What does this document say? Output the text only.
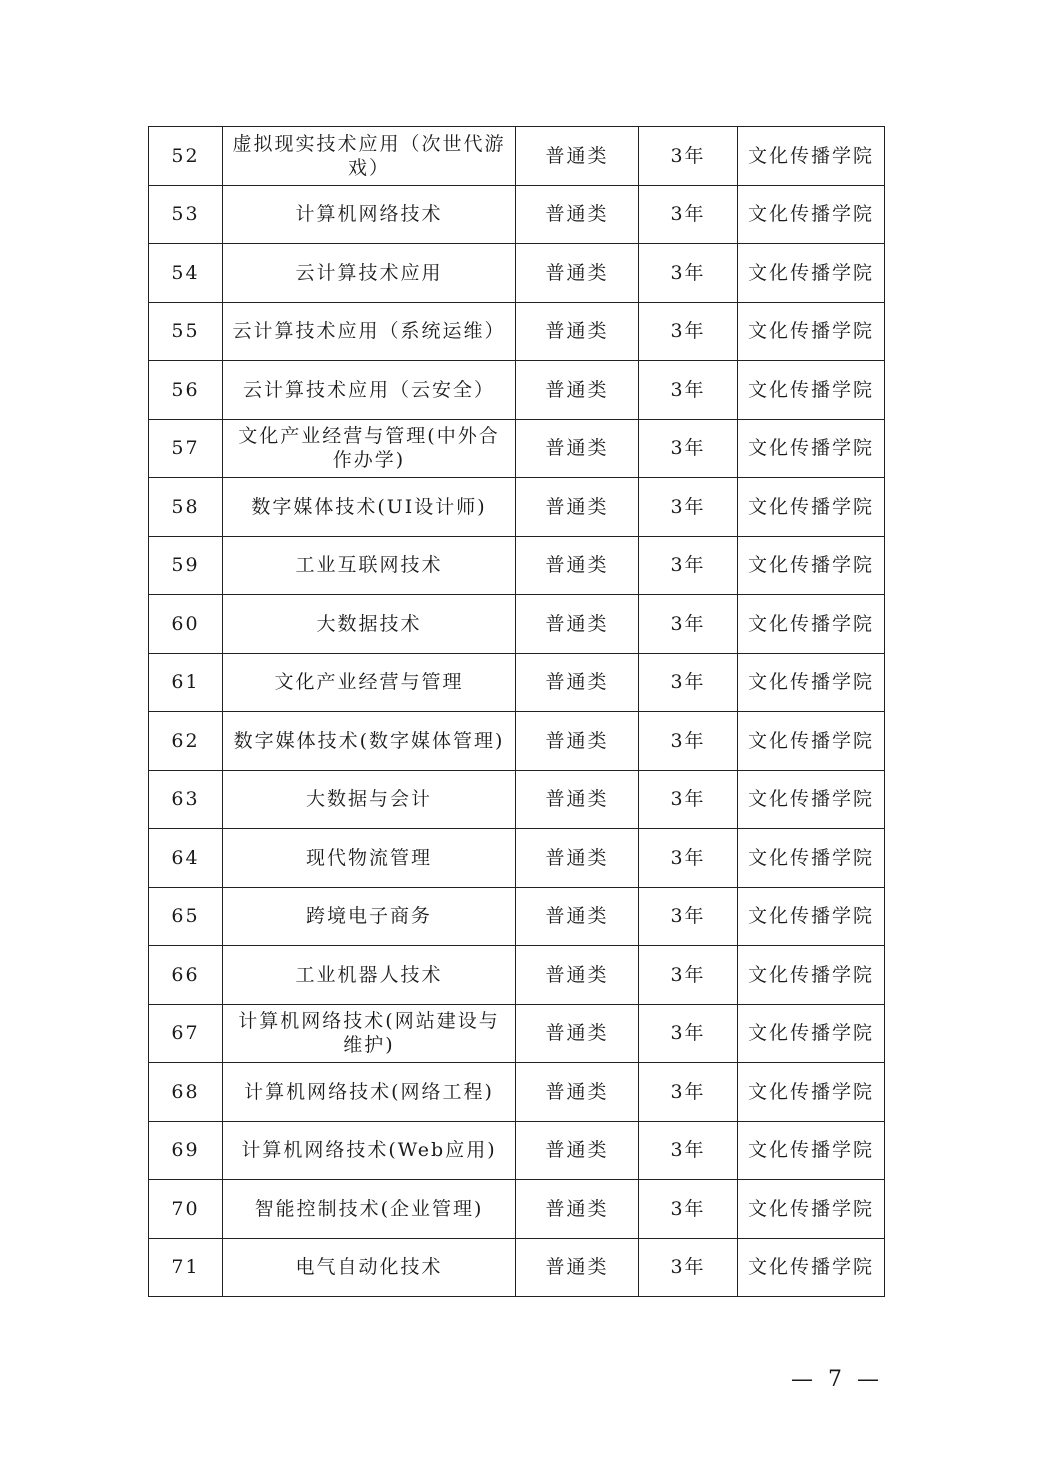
52	虚拟现实技术应用（次世代游戏）	普通类	3年	文化传播学院
53	计算机网络技术	普通类	3年	文化传播学院
54	云计算技术应用	普通类	3年	文化传播学院
55	云计算技术应用（系统运维）	普通类	3年	文化传播学院
56	云计算技术应用（云安全）	普通类	3年	文化传播学院
57	文化产业经营与管理(中外合作办学)	普通类	3年	文化传播学院
58	数字媒体技术(UI设计师)	普通类	3年	文化传播学院
59	工业互联网技术	普通类	3年	文化传播学院
60	大数据技术	普通类	3年	文化传播学院
61	文化产业经营与管理	普通类	3年	文化传播学院
62	数字媒体技术(数字媒体管理)	普通类	3年	文化传播学院
63	大数据与会计	普通类	3年	文化传播学院
64	现代物流管理	普通类	3年	文化传播学院
65	跨境电子商务	普通类	3年	文化传播学院
66	工业机器人技术	普通类	3年	文化传播学院
67	计算机网络技术(网站建设与维护)	普通类	3年	文化传播学院
68	计算机网络技术(网络工程)	普通类	3年	文化传播学院
69	计算机网络技术(Web应用)	普通类	3年	文化传播学院
70	智能控制技术(企业管理)	普通类	3年	文化传播学院
71	电气自动化技术	普通类	3年	文化传播学院
— 7 —
